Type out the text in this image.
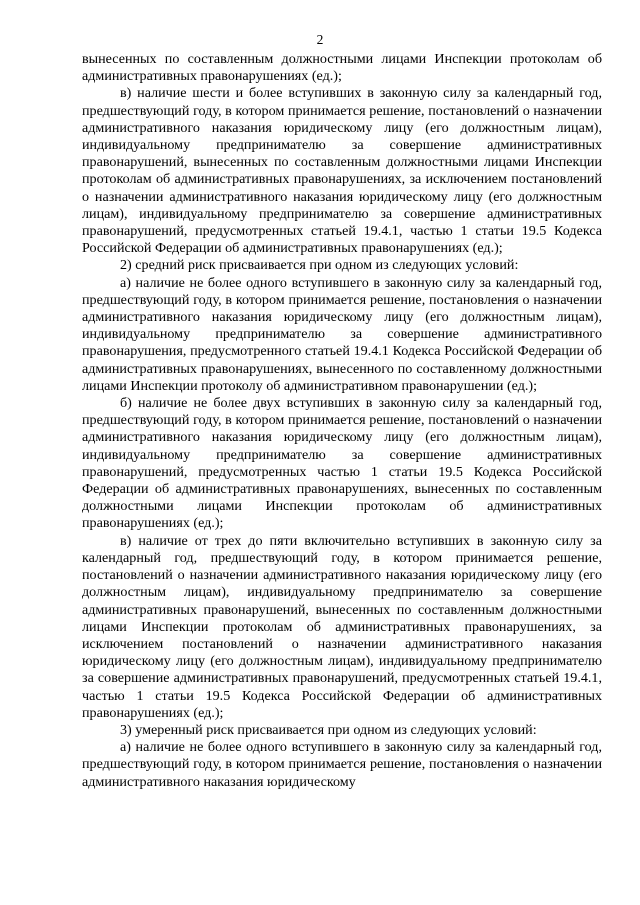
2

вынесенных по составленным должностными лицами Инспекции протоколам об административных правонарушениях (ед.);

в) наличие шести и более вступивших в законную силу за календарный год, предшествующий году, в котором принимается решение, постановлений о назначении административного наказания юридическому лицу (его должностным лицам), индивидуальному предпринимателю за совершение административных правонарушений, вынесенных по составленным должностными лицами Инспекции протоколам об административных правонарушениях, за исключением постановлений о назначении административного наказания юридическому лицу (его должностным лицам), индивидуальному предпринимателю за совершение административных правонарушений, предусмотренных статьей 19.4.1, частью 1 статьи 19.5 Кодекса Российской Федерации об административных правонарушениях (ед.);

2) средний риск присваивается при одном из следующих условий:

а) наличие не более одного вступившего в законную силу за календарный год, предшествующий году, в котором принимается решение, постановления о назначении административного наказания юридическому лицу (его должностным лицам), индивидуальному предпринимателю за совершение административного правонарушения, предусмотренного статьей 19.4.1 Кодекса Российской Федерации об административных правонарушениях, вынесенного по составленному должностными лицами Инспекции протоколу об административном правонарушении (ед.);

б) наличие не более двух вступивших в законную силу за календарный год, предшествующий году, в котором принимается решение, постановлений о назначении административного наказания юридическому лицу (его должностным лицам), индивидуальному предпринимателю за совершение административных правонарушений, предусмотренных частью 1 статьи 19.5 Кодекса Российской Федерации об административных правонарушениях, вынесенных по составленным должностными лицами Инспекции протоколам об административных правонарушениях (ед.);

в) наличие от трех до пяти включительно вступивших в законную силу за календарный год, предшествующий году, в котором принимается решение, постановлений о назначении административного наказания юридическому лицу (его должностным лицам), индивидуальному предпринимателю за совершение административных правонарушений, вынесенных по составленным должностными лицами Инспекции протоколам об административных правонарушениях, за исключением постановлений о назначении административного наказания юридическому лицу (его должностным лицам), индивидуальному предпринимателю за совершение административных правонарушений, предусмотренных статьей 19.4.1, частью 1 статьи 19.5 Кодекса Российской Федерации об административных правонарушениях (ед.);

3) умеренный риск присваивается при одном из следующих условий:

а) наличие не более одного вступившего в законную силу за календарный год, предшествующий году, в котором принимается решение, постановления о назначении административного наказания юридическому
